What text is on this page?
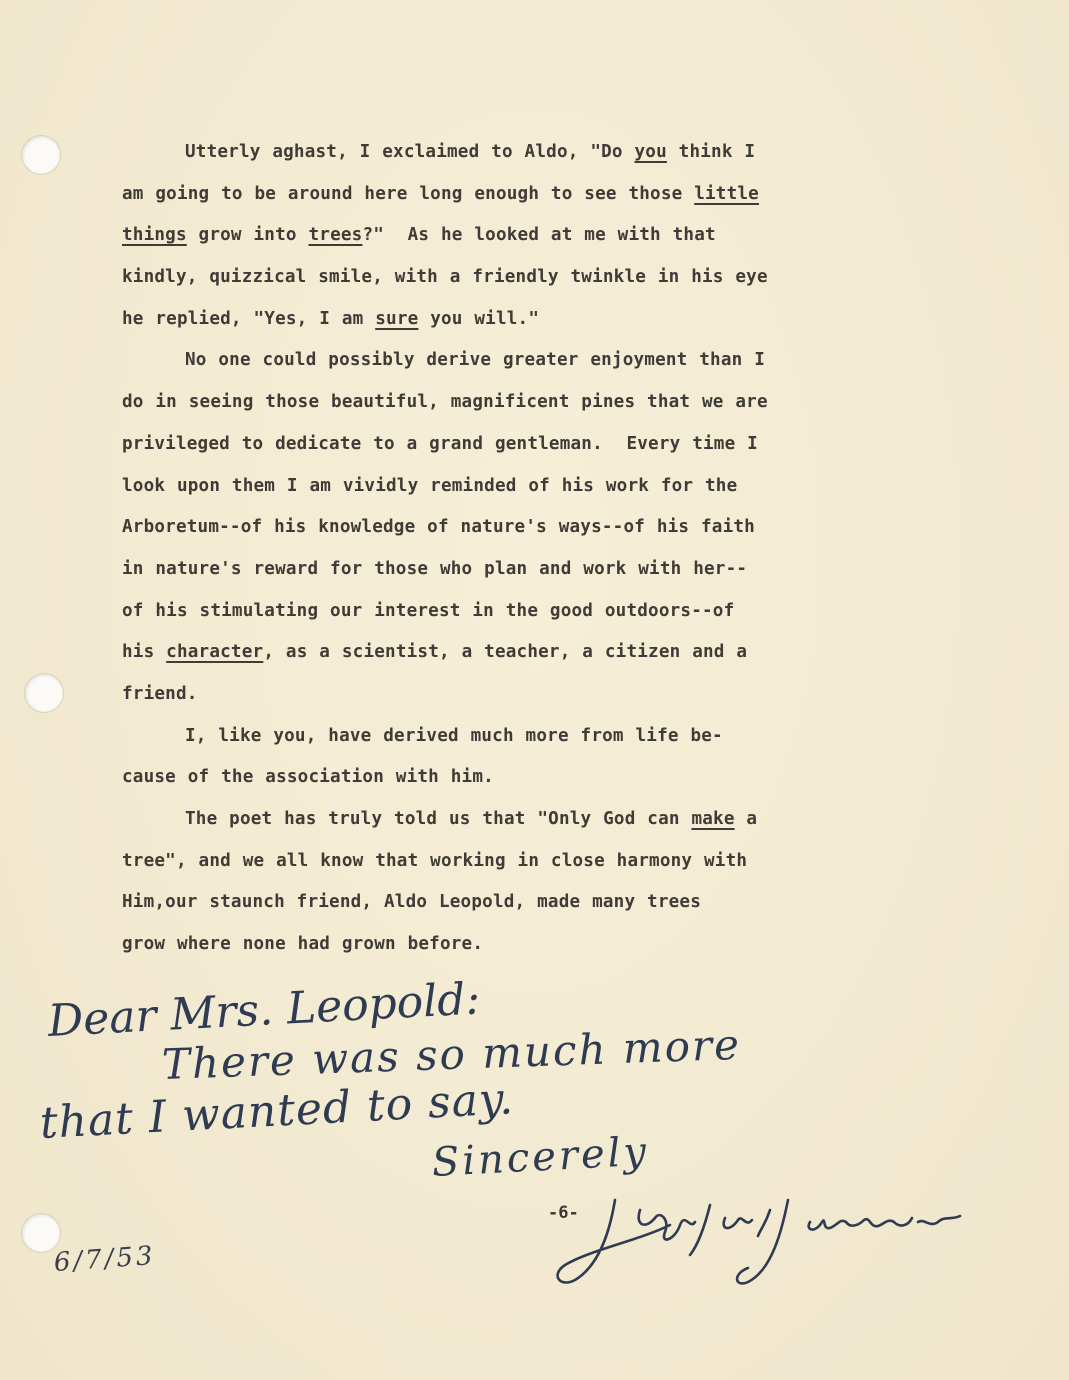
Utterly aghast, I exclaimed to Aldo, "Do you think I
am going to be around here long enough to see those little
things grow into trees?"  As he looked at me with that
kindly, quizzical smile, with a friendly twinkle in his eye
he replied, "Yes, I am sure you will."
No one could possibly derive greater enjoyment than I
do in seeing those beautiful, magnificent pines that we are
privileged to dedicate to a grand gentleman.  Every time I
look upon them I am vividly reminded of his work for the
Arboretum--of his knowledge of nature's ways--of his faith
in nature's reward for those who plan and work with her--
of his stimulating our interest in the good outdoors--of
his character, as a scientist, a teacher, a citizen and a
friend.
I, like you, have derived much more from life be-
cause of the association with him.
The poet has truly told us that "Only God can make a
tree", and we all know that working in close harmony with
Him,our staunch friend, Aldo Leopold, made many trees
grow where none had grown before.
-6-
Dear Mrs. Leopold:
There was so much more
that I wanted to say.
Sincerely
6/7/53
